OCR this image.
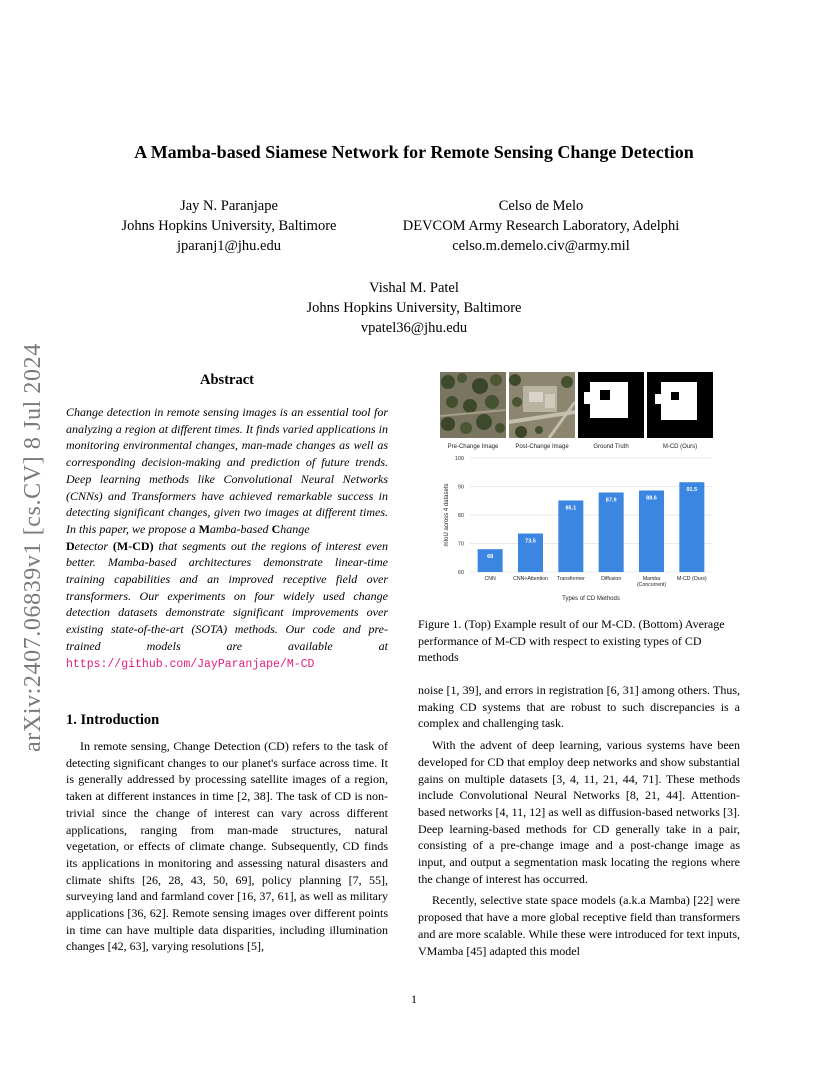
arXiv:2407.06839v1 [cs.CV] 8 Jul 2024
A Mamba-based Siamese Network for Remote Sensing Change Detection
Jay N. Paranjape
Johns Hopkins University, Baltimore
jparanj1@jhu.edu
Celso de Melo
DEVCOM Army Research Laboratory, Adelphi
celso.m.demelo.civ@army.mil
Vishal M. Patel
Johns Hopkins University, Baltimore
vpatel36@jhu.edu
Abstract
Change detection in remote sensing images is an essential tool for analyzing a region at different times. It finds varied applications in monitoring environmental changes, man-made changes as well as corresponding decision-making and prediction of future trends. Deep learning methods like Convolutional Neural Networks (CNNs) and Transformers have achieved remarkable success in detecting significant changes, given two images at different times. In this paper, we propose a Mamba-based Change
Detector (M-CD) that segments out the regions of interest even better. Mamba-based architectures demonstrate linear-time training capabilities and an improved receptive field over transformers. Our experiments on four widely used change detection datasets demonstrate significant improvements over existing state-of-the-art (SOTA) methods. Our code and pre-trained models are available at https://github.com/JayParanjape/M-CD
1. Introduction

In remote sensing, Change Detection (CD) refers to the task of detecting significant changes to our planet's surface across time. It is generally addressed by processing satellite images of a region, taken at different instances in time [2, 38]. The task of CD is non-trivial since the change of interest can vary across different applications, ranging from man-made structures, natural vegetation, or effects of climate change. Subsequently, CD finds its applications in monitoring and assessing natural disasters and climate shifts [26, 28, 43, 50, 69], policy planning [7, 55], surveying land and farmland cover [16, 37, 61], as well as military applications [36, 62]. Remote sensing images over different points in time can have multiple data disparities, including illumination changes [42, 63], varying resolutions [5],

Pre-Change Image	Post-Change Image	Ground Truth	M-CD (Ours)
60
70
80
90
100
68
CNN
73.5
CNN+Attention
85.1
Transformer
87.9
Diffusion
88.6
Mamba
(Concurrent)
91.5
M-CD (Ours)
Types of CD Methods
mIoU across 4 datasets
Figure 1. (Top) Example result of our M-CD. (Bottom) Average performance of M-CD with respect to existing types of CD methods

noise [1, 39], and errors in registration [6, 31] among others. Thus, making CD systems that are robust to such discrepancies is a complex and challenging task.

With the advent of deep learning, various systems have been developed for CD that employ deep networks and show substantial gains on multiple datasets [3, 4, 11, 21, 44, 71]. These methods include Convolutional Neural Networks [8, 21, 44]. Attention-based networks [4, 11, 12] as well as diffusion-based networks [3]. Deep learning-based methods for CD generally take in a pair, consisting of a pre-change image and a post-change image as input, and output a segmentation mask locating the regions where the change of interest has occurred.

Recently, selective state space models (a.k.a Mamba) [22] were proposed that have a more global receptive field than transformers and are more scalable. While these were introduced for text inputs, VMamba [45] adapted this model

1
